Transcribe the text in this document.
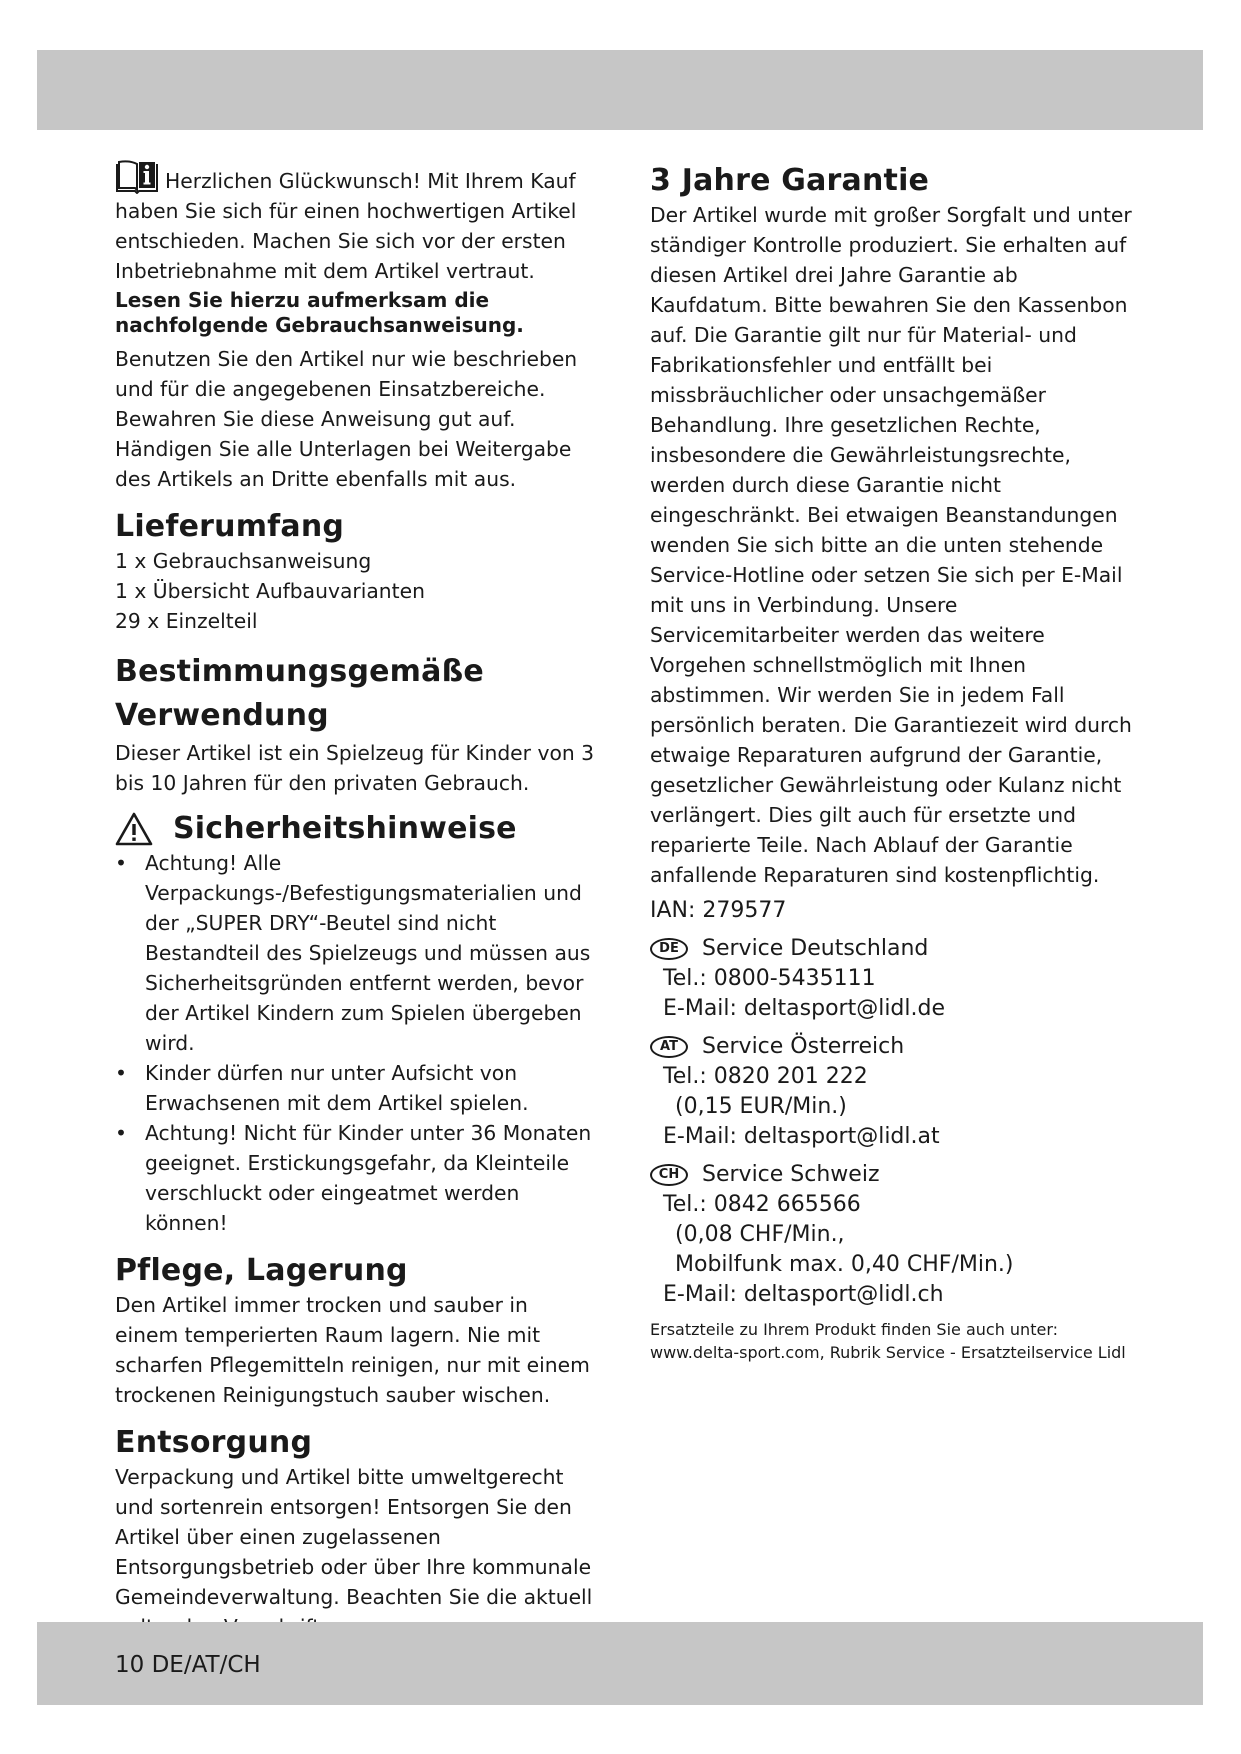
Herzlichen Glückwunsch! Mit Ihrem Kauf haben Sie sich für einen hochwertigen Artikel entschieden. Machen Sie sich vor der ersten Inbetriebnahme mit dem Artikel vertraut.

Lesen Sie hierzu aufmerksam die nachfolgende Gebrauchsanweisung.

Benutzen Sie den Artikel nur wie beschrieben und für die angegebenen Einsatzbereiche. Bewahren Sie diese Anweisung gut auf. Händigen Sie alle Unterlagen bei Weitergabe des Artikels an Dritte ebenfalls mit aus.

Lieferumfang

1 x Gebrauchsanweisung

1 x Übersicht Aufbauvarianten

29 x Einzelteil

Bestimmungsgemäße Verwendung

Dieser Artikel ist ein Spielzeug für Kinder von 3 bis 10 Jahren für den privaten Gebrauch.

Sicherheitshinweise
• Achtung! Alle Verpackungs-/Befestigungsmaterialien und der „SUPER DRY“-Beutel sind nicht Bestandteil des Spielzeugs und müssen aus Sicherheitsgründen entfernt werden, bevor der Artikel Kindern zum Spielen übergeben wird.
• Kinder dürfen nur unter Aufsicht von Erwachsenen mit dem Artikel spielen.
• Achtung! Nicht für Kinder unter 36 Monaten geeignet. Erstickungsgefahr, da Kleinteile verschluckt oder eingeatmet werden können!
Pflege, Lagerung

Den Artikel immer trocken und sauber in einem temperierten Raum lagern. Nie mit scharfen Pflegemitteln reinigen, nur mit einem trockenen Reinigungstuch sauber wischen.

Entsorgung

Verpackung und Artikel bitte umweltgerecht und sortenrein entsorgen! Entsorgen Sie den Artikel über einen zugelassenen Entsorgungsbetrieb oder über Ihre kommunale Gemeindeverwaltung. Beachten Sie die aktuell

3 Jahre Garantie

Der Artikel wurde mit großer Sorgfalt und unter ständiger Kontrolle produziert. Sie erhalten auf diesen Artikel drei Jahre Garantie ab Kaufdatum. Bitte bewahren Sie den Kassenbon auf. Die Garantie gilt nur für Material- und Fabrikationsfehler und entfällt bei missbräuchlicher oder unsachgemäßer Behandlung. Ihre gesetzlichen Rechte, insbesondere die Gewährleistungsrechte, werden durch diese Garantie nicht eingeschränkt. Bei etwaigen Beanstandungen wenden Sie sich bitte an die unten stehende Service-Hotline oder setzen Sie sich per E-Mail mit uns in Verbindung. Unsere Servicemitarbeiter werden das weitere Vorgehen schnellstmöglich mit Ihnen abstimmen. Wir werden Sie in jedem Fall persönlich beraten. Die Garantiezeit wird durch etwaige Reparaturen aufgrund der Garantie, gesetzlicher Gewährleistung oder Kulanz nicht verlängert. Dies gilt auch für ersetzte und reparierte Teile. Nach Ablauf der Garantie anfallende Reparaturen sind kostenpflichtig.

IAN: 279577
DE	Service Deutschland
Tel.: 0800-5435111
E-Mail: deltasport@lidl.de
AT	Service Österreich
Tel.: 0820 201 222
(0,15 EUR/Min.)
E-Mail: deltasport@lidl.at
CH	Service Schweiz
Tel.: 0842 665566
(0,08 CHF/Min.,
Mobilfunk max. 0,40 CHF/Min.)
E-Mail: deltasport@lidl.ch

Ersatzteile zu Ihrem Produkt finden Sie auch unter:

www.delta-sport.com, Rubrik Service - Ersatzteilservice Lidl

10 DE/AT/CH
